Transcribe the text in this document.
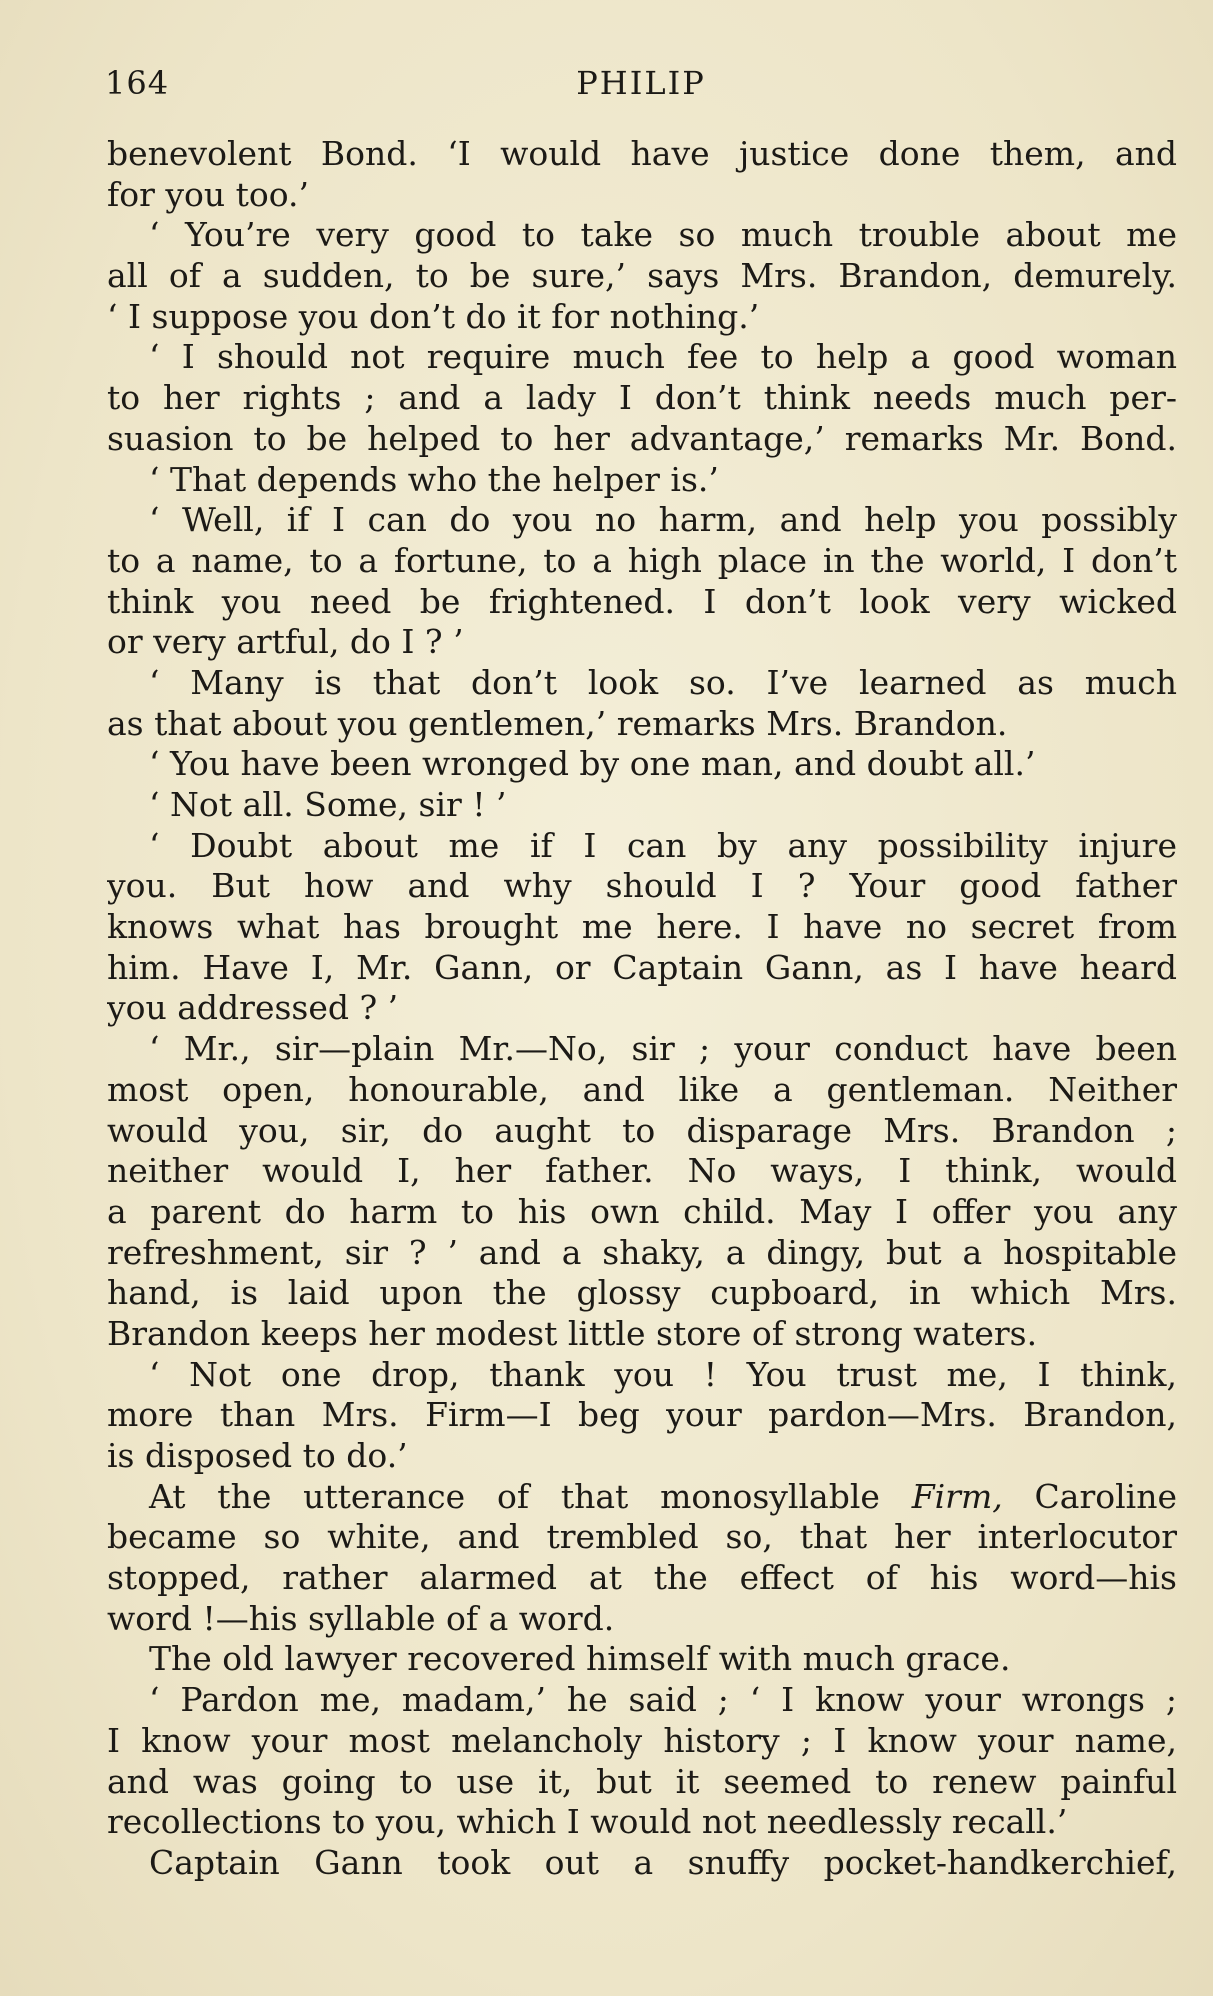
164	PHILIP
benevolent Bond. ‘I would have justice done them, and
for you too.’
‘ You’re very good to take so much trouble about me
all of a sudden, to be sure,’ says Mrs. Brandon, demurely.
‘ I suppose you don’t do it for nothing.’
‘ I should not require much fee to help a good woman
to her rights ; and a lady I don’t think needs much per-
suasion to be helped to her advantage,’ remarks Mr. Bond.
‘ That depends who the helper is.’
‘ Well, if I can do you no harm, and help you possibly
to a name, to a fortune, to a high place in the world, I don’t
think you need be frightened. I don’t look very wicked
or very artful, do I ? ’
‘ Many is that don’t look so. I’ve learned as much
as that about you gentlemen,’ remarks Mrs. Brandon.
‘ You have been wronged by one man, and doubt all.’
‘ Not all. Some, sir ! ’
‘ Doubt about me if I can by any possibility injure
you. But how and why should I ? Your good father
knows what has brought me here. I have no secret from
him. Have I, Mr. Gann, or Captain Gann, as I have heard
you addressed ? ’
‘ Mr., sir—plain Mr.—No, sir ; your conduct have been
most open, honourable, and like a gentleman. Neither
would you, sir, do aught to disparage Mrs. Brandon ;
neither would I, her father. No ways, I think, would
a parent do harm to his own child. May I offer you any
refreshment, sir ? ’ and a shaky, a dingy, but a hospitable
hand, is laid upon the glossy cupboard, in which Mrs.
Brandon keeps her modest little store of strong waters.
‘ Not one drop, thank you ! You trust me, I think,
more than Mrs. Firm—I beg your pardon—Mrs. Brandon,
is disposed to do.’
At the utterance of that monosyllable Firm, Caroline
became so white, and trembled so, that her interlocutor
stopped, rather alarmed at the effect of his word—his
word !—his syllable of a word.
The old lawyer recovered himself with much grace.
‘ Pardon me, madam,’ he said ; ‘ I know your wrongs ;
I know your most melancholy history ; I know your name,
and was going to use it, but it seemed to renew painful
recollections to you, which I would not needlessly recall.’
Captain Gann took out a snuffy pocket-handkerchief,
